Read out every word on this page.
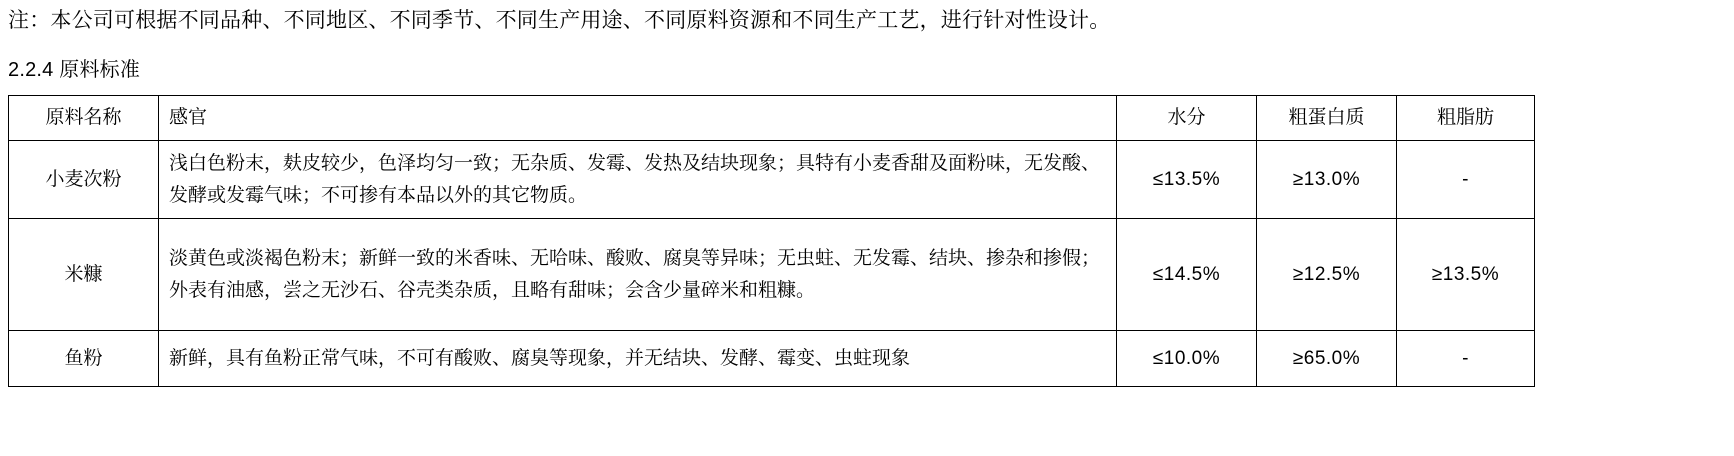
注：本公司可根据不同品种、不同地区、不同季节、不同生产用途、不同原料资源和不同生产工艺，进行针对性设计。
2.2.4 原料标准
原料名称	感官	水分	粗蛋白质	粗脂肪
小麦次粉	浅白色粉末，麸皮较少，色泽均匀一致；无杂质、发霉、发热及结块现象；具特有小麦香甜及面粉味，无发酸、发酵或发霉气味；不可掺有本品以外的其它物质。	≤13.5%	≥13.0%	-
米糠	淡黄色或淡褐色粉末；新鲜一致的米香味、无哈味、酸败、腐臭等异味；无虫蛀、无发霉、结块、掺杂和掺假；外表有油感，尝之无沙石、谷壳类杂质，且略有甜味；会含少量碎米和粗糠。	≤14.5%	≥12.5%	≥13.5%
鱼粉	新鲜，具有鱼粉正常气味，不可有酸败、腐臭等现象，并无结块、发酵、霉变、虫蛀现象	≤10.0%	≥65.0%	-
